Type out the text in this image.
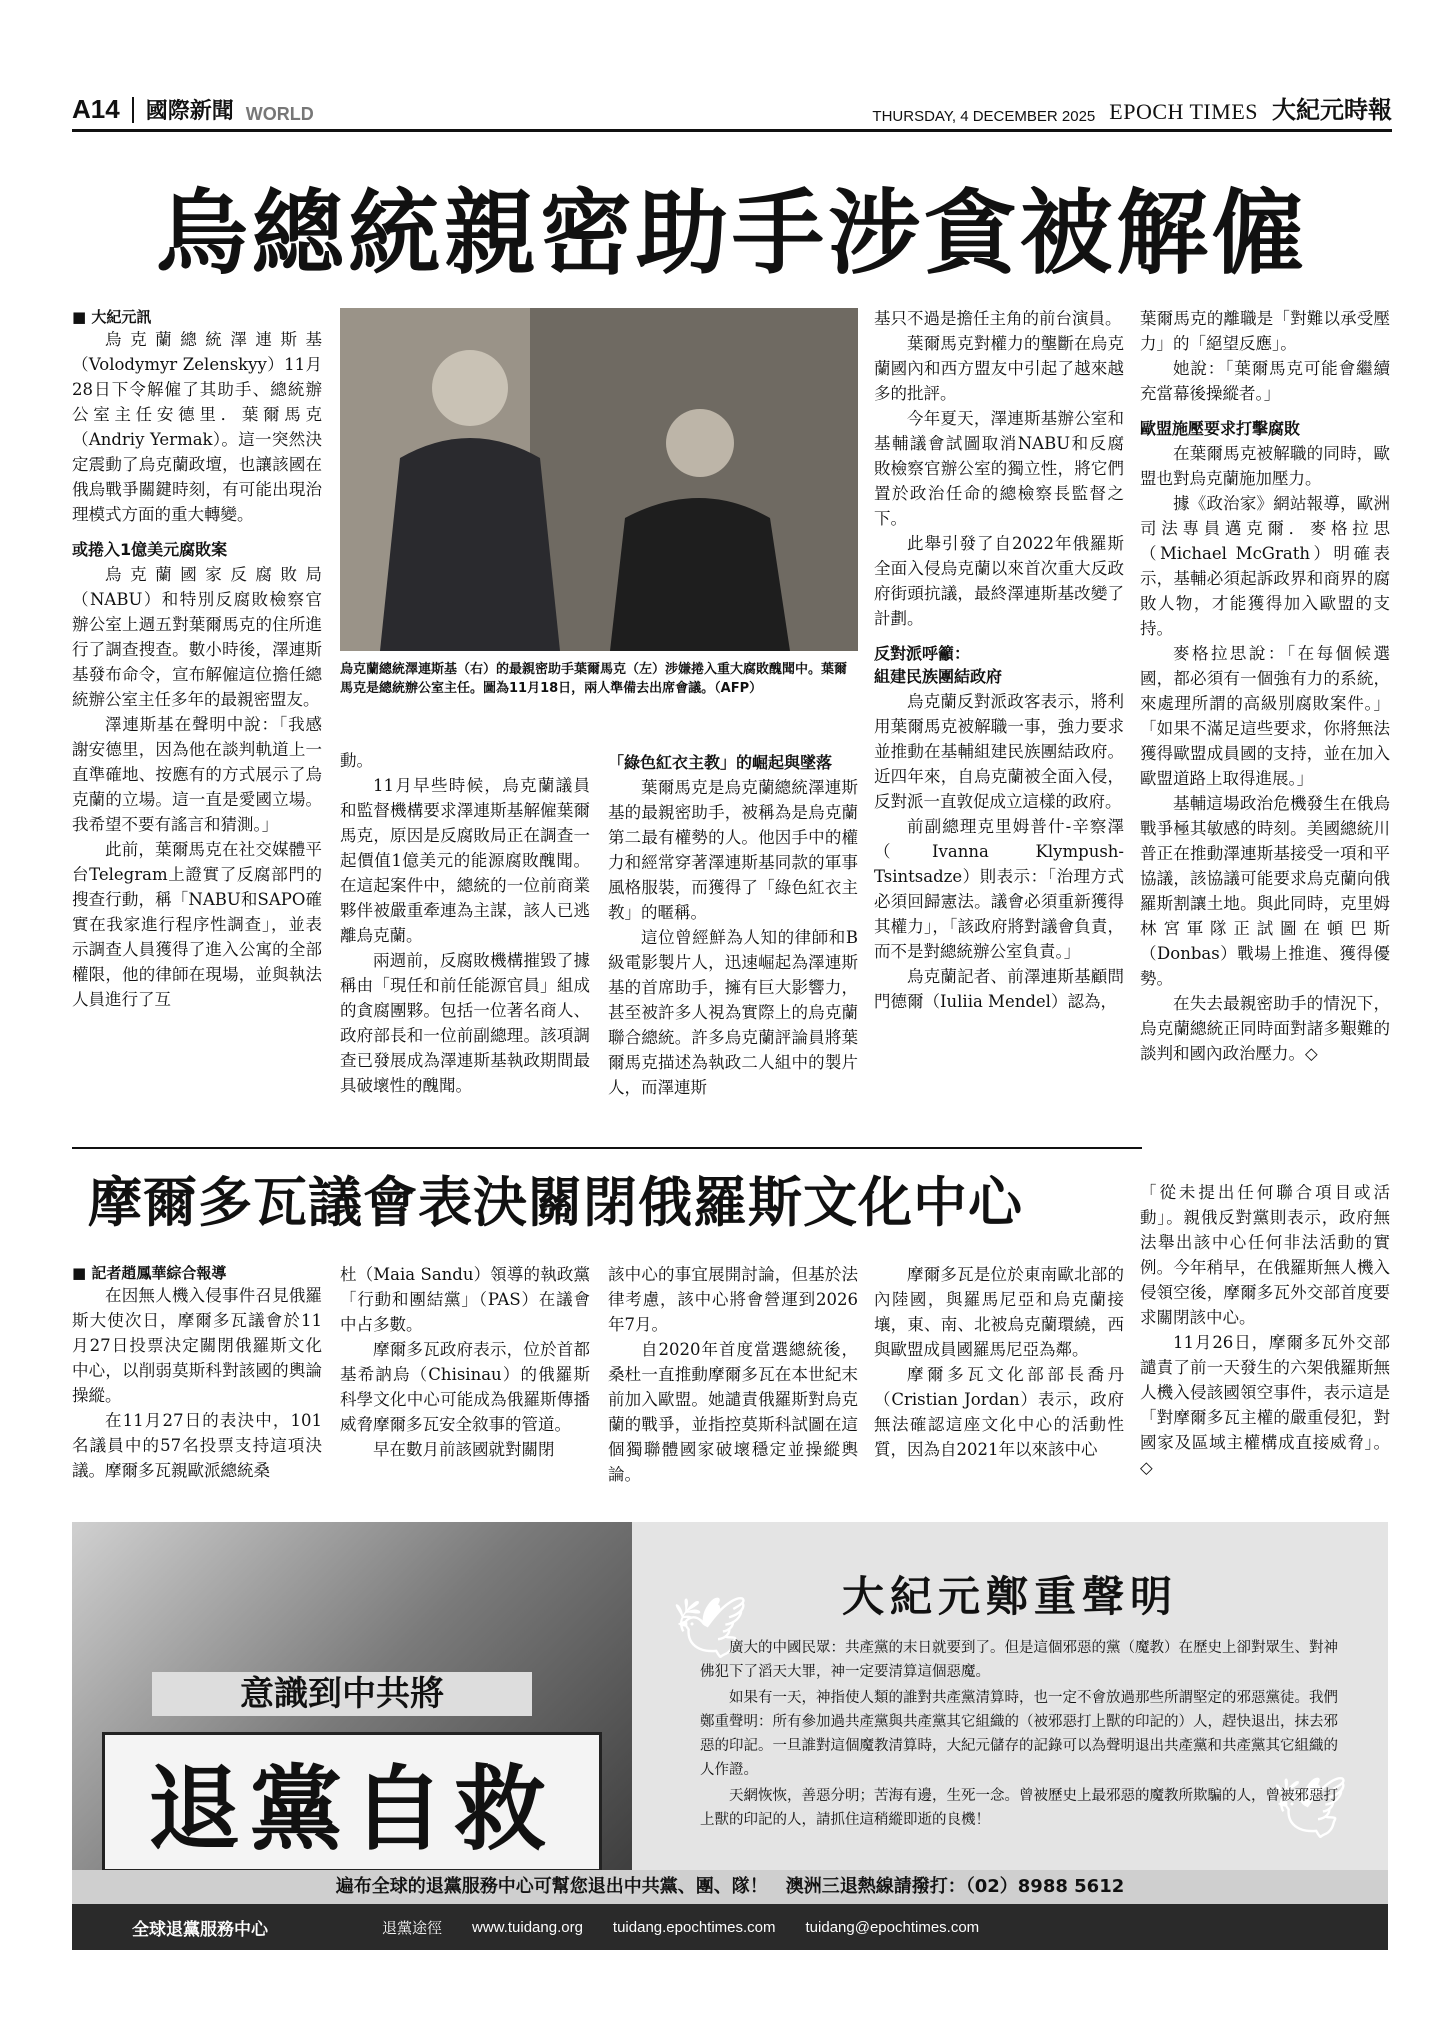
A14 國際新聞 WORLD	THURSDAY, 4 DECEMBER 2025 EPOCH TIMES 大紀元時報
烏總統親密助手涉貪被解僱

■ 大紀元訊

烏克蘭總統澤連斯基（Volodymyr Zelenskyy）11月28日下令解僱了其助手、總統辦公室主任安德里．葉爾馬克（Andriy Yermak）。這一突然決定震動了烏克蘭政壇，也讓該國在俄烏戰爭關鍵時刻，有可能出現治理模式方面的重大轉變。

或捲入1億美元腐敗案

烏克蘭國家反腐敗局（NABU）和特別反腐敗檢察官辦公室上週五對葉爾馬克的住所進行了調查搜查。數小時後，澤連斯基發布命令，宣布解僱這位擔任總統辦公室主任多年的最親密盟友。

澤連斯基在聲明中說：「我感謝安德里，因為他在談判軌道上一直準確地、按應有的方式展示了烏克蘭的立場。這一直是愛國立場。我希望不要有謠言和猜測。」

此前，葉爾馬克在社交媒體平台Telegram上證實了反腐部門的搜查行動，稱「NABU和SAPO確實在我家進行程序性調查」，並表示調查人員獲得了進入公寓的全部權限，他的律師在現場，並與執法人員進行了互

烏克蘭總統澤連斯基（右）的最親密助手葉爾馬克（左）涉嫌捲入重大腐敗醜聞中。葉爾馬克是總統辦公室主任。圖為11月18日，兩人準備去出席會議。（AFP）

動。

11月早些時候，烏克蘭議員和監督機構要求澤連斯基解僱葉爾馬克，原因是反腐敗局正在調查一起價值1億美元的能源腐敗醜聞。在這起案件中，總統的一位前商業夥伴被嚴重牽連為主謀，該人已逃離烏克蘭。

兩週前，反腐敗機構摧毀了據稱由「現任和前任能源官員」組成的貪腐團夥。包括一位著名商人、政府部長和一位前副總理。該項調查已發展成為澤連斯基執政期間最具破壞性的醜聞。

「綠色紅衣主教」的崛起與墜落

葉爾馬克是烏克蘭總統澤連斯基的最親密助手，被稱為是烏克蘭第二最有權勢的人。他因手中的權力和經常穿著澤連斯基同款的軍事風格服裝，而獲得了「綠色紅衣主教」的暱稱。

這位曾經鮮為人知的律師和B級電影製片人，迅速崛起為澤連斯基的首席助手，擁有巨大影響力，甚至被許多人視為實際上的烏克蘭聯合總統。許多烏克蘭評論員將葉爾馬克描述為執政二人組中的製片人，而澤連斯

基只不過是擔任主角的前台演員。

葉爾馬克對權力的壟斷在烏克蘭國內和西方盟友中引起了越來越多的批評。

今年夏天，澤連斯基辦公室和基輔議會試圖取消NABU和反腐敗檢察官辦公室的獨立性，將它們置於政治任命的總檢察長監督之下。

此舉引發了自2022年俄羅斯全面入侵烏克蘭以來首次重大反政府街頭抗議，最終澤連斯基改變了計劃。

反對派呼籲：
組建民族團結政府

烏克蘭反對派政客表示，將利用葉爾馬克被解職一事，強力要求並推動在基輔組建民族團結政府。近四年來，自烏克蘭被全面入侵，反對派一直敦促成立這樣的政府。

前副總理克里姆普什-辛察澤（Ivanna Klympush-Tsintsadze）則表示：「治理方式必須回歸憲法。議會必須重新獲得其權力」，「該政府將對議會負責，而不是對總統辦公室負責。」

烏克蘭記者、前澤連斯基顧問門德爾（Iuliia Mendel）認為，

葉爾馬克的離職是「對難以承受壓力」的「絕望反應」。

她說：「葉爾馬克可能會繼續充當幕後操縱者。」

歐盟施壓要求打擊腐敗

在葉爾馬克被解職的同時，歐盟也對烏克蘭施加壓力。

據《政治家》網站報導，歐洲司法專員邁克爾．麥格拉思（Michael McGrath）明確表示，基輔必須起訴政界和商界的腐敗人物，才能獲得加入歐盟的支持。

麥格拉思說：「在每個候選國，都必須有一個強有力的系統，來處理所謂的高級別腐敗案件。」「如果不滿足這些要求，你將無法獲得歐盟成員國的支持，並在加入歐盟道路上取得進展。」

基輔這場政治危機發生在俄烏戰爭極其敏感的時刻。美國總統川普正在推動澤連斯基接受一項和平協議，該協議可能要求烏克蘭向俄羅斯割讓土地。與此同時，克里姆林宮軍隊正試圖在頓巴斯（Donbas）戰場上推進、獲得優勢。

在失去最親密助手的情況下，烏克蘭總統正同時面對諸多艱難的談判和國內政治壓力。◇

摩爾多瓦議會表決關閉俄羅斯文化中心

■ 記者趙鳳華綜合報導

在因無人機入侵事件召見俄羅斯大使次日，摩爾多瓦議會於11月27日投票決定關閉俄羅斯文化中心，以削弱莫斯科對該國的輿論操縱。

在11月27日的表決中，101名議員中的57名投票支持這項決議。摩爾多瓦親歐派總統桑

杜（Maia Sandu）領導的執政黨「行動和團結黨」（PAS）在議會中占多數。

摩爾多瓦政府表示，位於首都基希訥烏（Chisinau）的俄羅斯科學文化中心可能成為俄羅斯傳播威脅摩爾多瓦安全敘事的管道。

早在數月前該國就對關閉

該中心的事宜展開討論，但基於法律考慮，該中心將會營運到2026年7月。

自2020年首度當選總統後，桑杜一直推動摩爾多瓦在本世紀末前加入歐盟。她譴責俄羅斯對烏克蘭的戰爭，並指控莫斯科試圖在這個獨聯體國家破壞穩定並操縱輿論。

摩爾多瓦是位於東南歐北部的內陸國，與羅馬尼亞和烏克蘭接壤，東、南、北被烏克蘭環繞，西與歐盟成員國羅馬尼亞為鄰。

摩爾多瓦文化部部長喬丹（Cristian Jordan）表示，政府無法確認這座文化中心的活動性質，因為自2021年以來該中心

「從未提出任何聯合項目或活動」。親俄反對黨則表示，政府無法舉出該中心任何非法活動的實例。今年稍早，在俄羅斯無人機入侵領空後，摩爾多瓦外交部首度要求關閉該中心。

11月26日，摩爾多瓦外交部譴責了前一天發生的六架俄羅斯無人機入侵該國領空事件，表示這是「對摩爾多瓦主權的嚴重侵犯，對國家及區域主權構成直接威脅」。◇

意識到中共將
退黨自救
🕊
🕊
大紀元鄭重聲明

廣大的中國民眾：共產黨的末日就要到了。但是這個邪惡的黨（魔教）在歷史上卻對眾生、對神佛犯下了滔天大罪，神一定要清算這個惡魔。

如果有一天，神指使人類的誰對共產黨清算時，也一定不會放過那些所謂堅定的邪惡黨徒。我們鄭重聲明：所有參加過共產黨與共產黨其它組織的（被邪惡打上獸的印記的）人，趕快退出，抹去邪惡的印記。一旦誰對這個魔教清算時，大紀元儲存的記錄可以為聲明退出共產黨和共產黨其它組織的人作證。

天網恢恢，善惡分明；苦海有邊，生死一念。曾被歷史上最邪惡的魔教所欺騙的人，曾被邪惡打上獸的印記的人，請抓住這稍縱即逝的良機！

遍布全球的退黨服務中心可幫您退出中共黨、團、隊！　澳洲三退熱線請撥打：（02）8988 5612
全球退黨服務中心	退黨途徑 www.tuidang.org tuidang.epochtimes.com tuidang@epochtimes.com
